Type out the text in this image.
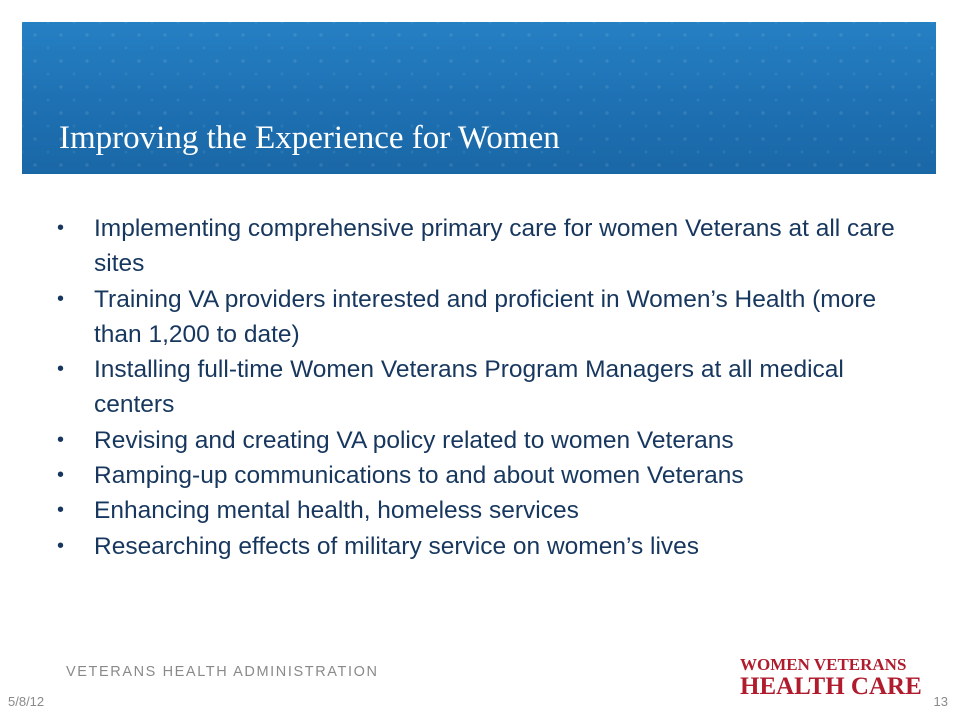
Improving the Experience for Women
• Implementing comprehensive primary care for women Veterans at all care sites
• Training VA providers interested and proficient in Women’s Health (more than 1,200 to date)
• Installing full-time Women Veterans Program Managers at all medical centers
• Revising and creating VA policy related to women Veterans
• Ramping-up communications to and about women Veterans
• Enhancing mental health, homeless services
• Researching effects of military service on women’s lives
VETERANS HEALTH ADMINISTRATION	WOMEN VETERANS
HEALTH CARE
5/8/12	13
